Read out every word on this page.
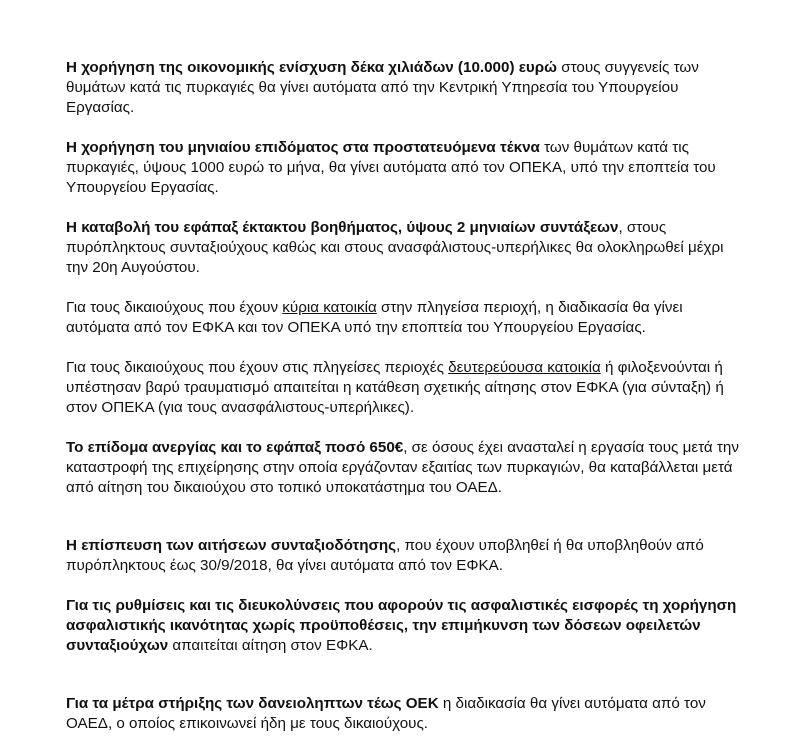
Η χορήγηση της οικονομικής ενίσχυση δέκα χιλιάδων (10.000) ευρώ στους συγγενείς των θυμάτων κατά τις πυρκαγιές θα γίνει αυτόματα από την Κεντρική Υπηρεσία του Υπουργείου Εργασίας.

Η χορήγηση του μηνιαίου επιδόματος στα προστατευόμενα τέκνα των θυμάτων κατά τις πυρκαγιές, ύψους 1000 ευρώ το μήνα, θα γίνει αυτόματα από τον ΟΠΕΚΑ, υπό την εποπτεία του Υπουργείου Εργασίας.

Η καταβολή του εφάπαξ έκτακτου βοηθήματος, ύψους 2 μηνιαίων συντάξεων, στους πυρόπληκτους συνταξιούχους καθώς και στους ανασφάλιστους-υπερήλικες θα ολοκληρωθεί μέχρι την 20η Αυγούστου.

Για τους δικαιούχους που έχουν κύρια κατοικία στην πληγείσα περιοχή, η διαδικασία θα γίνει αυτόματα από τον ΕΦΚΑ και τον ΟΠΕΚΑ υπό την εποπτεία του Υπουργείου Εργασίας.

Για τους δικαιούχους που έχουν στις πληγείσες περιοχές δευτερεύουσα κατοικία ή φιλοξενούνται ή υπέστησαν βαρύ τραυματισμό απαιτείται η κατάθεση σχετικής αίτησης στον ΕΦΚΑ (για σύνταξη) ή στον ΟΠΕΚΑ (για τους ανασφάλιστους-υπερήλικες).

Το επίδομα ανεργίας και το εφάπαξ ποσό 650€, σε όσους έχει ανασταλεί η εργασία τους μετά την καταστροφή της επιχείρησης στην οποία εργάζονταν εξαιτίας των πυρκαγιών, θα καταβάλλεται μετά από αίτηση του δικαιούχου στο τοπικό υποκατάστημα του ΟΑΕΔ.

Η επίσπευση των αιτήσεων συνταξιοδότησης, που έχουν υποβληθεί ή θα υποβληθούν από πυρόπληκτους έως 30/9/2018, θα γίνει αυτόματα από τον ΕΦΚΑ.

Για τις ρυθμίσεις και τις διευκολύνσεις που αφορούν τις ασφαλιστικές εισφορές τη χορήγηση ασφαλιστικής ικανότητας χωρίς προϋποθέσεις, την επιμήκυνση των δόσεων οφειλετών συνταξιούχων απαιτείται αίτηση στον ΕΦΚΑ.

Για τα μέτρα στήριξης των δανειοληπτων τέως ΟΕΚ η διαδικασία θα γίνει αυτόματα από τον ΟΑΕΔ, ο οποίος επικοινωνεί ήδη με τους δικαιούχους.
